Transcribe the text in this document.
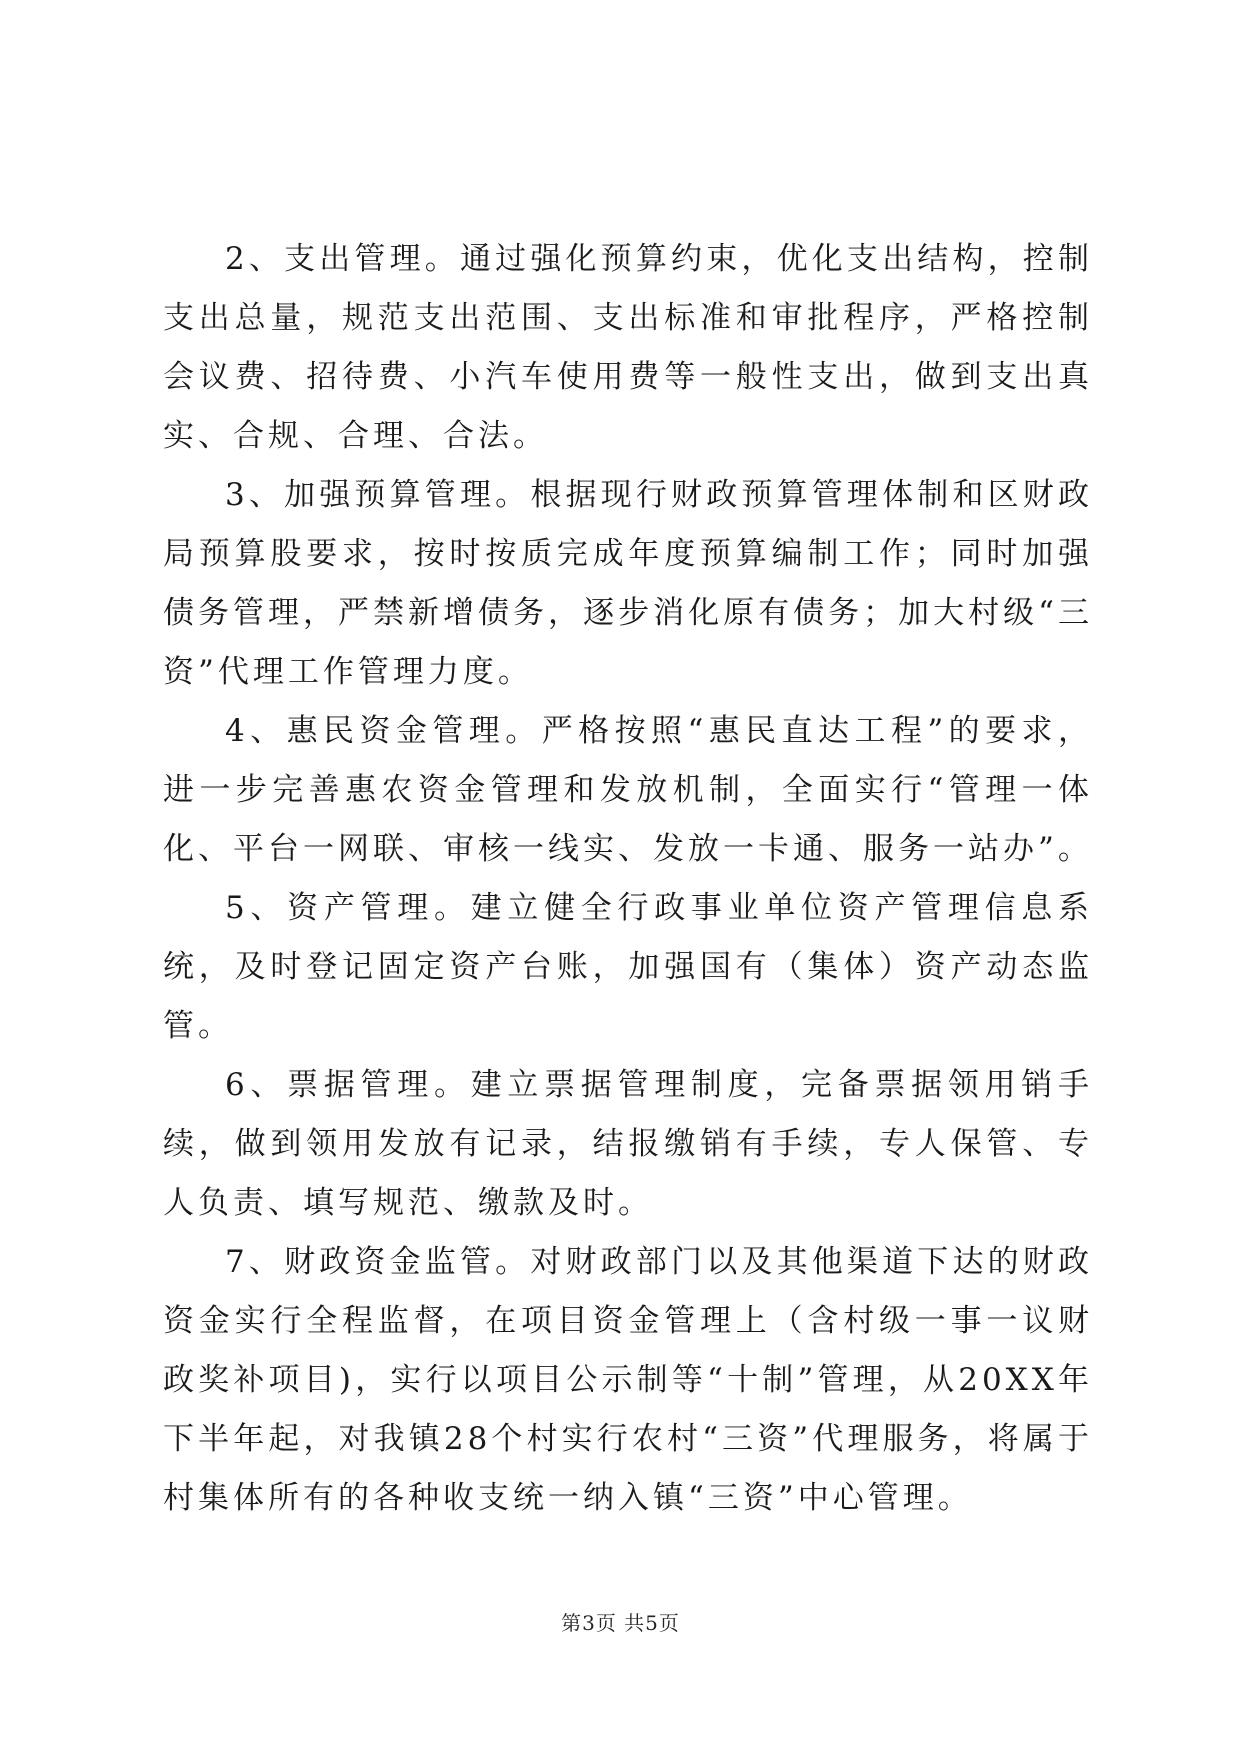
2、支出管理。通过强化预算约束，优化支出结构，控制支出总量，规范支出范围、支出标准和审批程序，严格控制会议费、招待费、小汽车使用费等一般性支出，做到支出真实、合规、合理、合法。

3、加强预算管理。根据现行财政预算管理体制和区财政局预算股要求，按时按质完成年度预算编制工作；同时加强债务管理，严禁新增债务，逐步消化原有债务；加大村级“三资”代理工作管理力度。

4、惠民资金管理。严格按照“惠民直达工程”的要求，进一步完善惠农资金管理和发放机制，全面实行“管理一体化、平台一网联、审核一线实、发放一卡通、服务一站办”。

5、资产管理。建立健全行政事业单位资产管理信息系统，及时登记固定资产台账，加强国有（集体）资产动态监管。

6、票据管理。建立票据管理制度，完备票据领用销手续，做到领用发放有记录，结报缴销有手续，专人保管、专人负责、填写规范、缴款及时。

7、财政资金监管。对财政部门以及其他渠道下达的财政资金实行全程监督，在项目资金管理上（含村级一事一议财政奖补项目)，实行以项目公示制等“十制”管理，从20XX年下半年起，对我镇28个村实行农村“三资”代理服务，将属于村集体所有的各种收支统一纳入镇“三资”中心管理。

第3页 共5页
